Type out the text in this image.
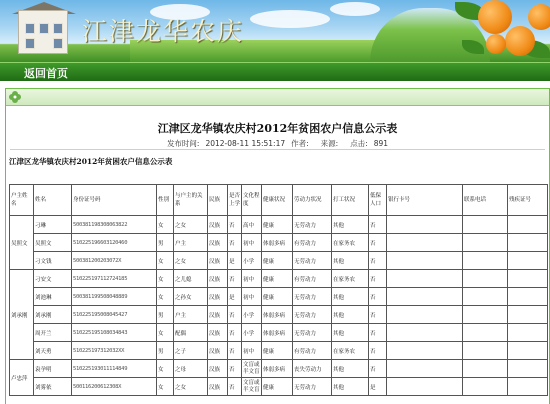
江津龙华农庆
返回首页
江津区龙华镇农庆村2012年贫困农户信息公示表
发布时间: 2012-08-11 15:51:17 作者: 来源: 点击: 891
江津区龙华镇农庆村2012年贫困农户信息公示表
户主姓名	姓名	身份证号码	性别	与户主的关系	民族	是否上学	文化程度	健康状况	劳动力状况	打工状况	低保人口	银行卡号	联系电话	残疾证号
吴照文	刁琳	500381198308063822	女	之女	汉族	否	高中	健康	无劳动力	其他	否			
	吴照文	510225196603120460	男	户主	汉族	否	初中	体弱多病	有劳动力	在家务农	否			
	刁文钱	500381200203072X	女	之女	汉族	是	小学	健康	无劳动力	其他	否			
刘承刚	刁安文	510225197112724185	女	之儿媳	汉族	否	初中	健康	有劳动力	在家务农	否			
	刘池琳	500381199508048889	女	之孙女	汉族	是	初中	健康	无劳动力	其他	否			
	刘承刚	510225195008045427	男	户主	汉族	否	小学	体弱多病	无劳动力	其他	否			
	周开兰	510225195108034843	女	配偶	汉族	否	小学	体弱多病	无劳动力	其他	否			
	刘天勇	510225197312032XX	男	之子	汉族	否	初中	健康	有劳动力	在家务农	否			
卢忠萍	袁孕明	510225193011114849	女	之母	汉族	否	文盲或半文盲	体弱多病	丧失劳动力	其他	否			
	刘雾依	500116200612308X	女	之女	汉族	否	文盲或半文盲	健康	无劳动力	其他	是			
